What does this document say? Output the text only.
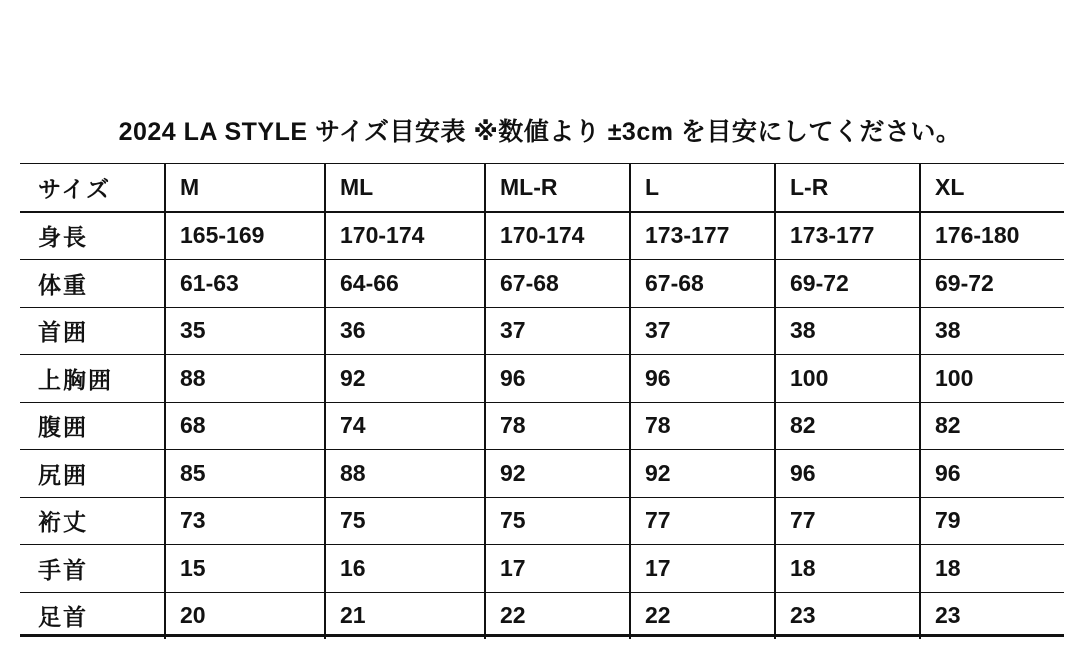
2024 LA STYLE サイズ目安表 ※数値より ±3cm を目安にしてください。
サイズ	M	ML	ML-R	L	L-R	XL
身長	165-169	170-174	170-174	173-177	173-177	176-180
体重	61-63	64-66	67-68	67-68	69-72	69-72
首囲	35	36	37	37	38	38
上胸囲	88	92	96	96	100	100
腹囲	68	74	78	78	82	82
尻囲	85	88	92	92	96	96
裄丈	73	75	75	77	77	79
手首	15	16	17	17	18	18
足首	20	21	22	22	23	23
